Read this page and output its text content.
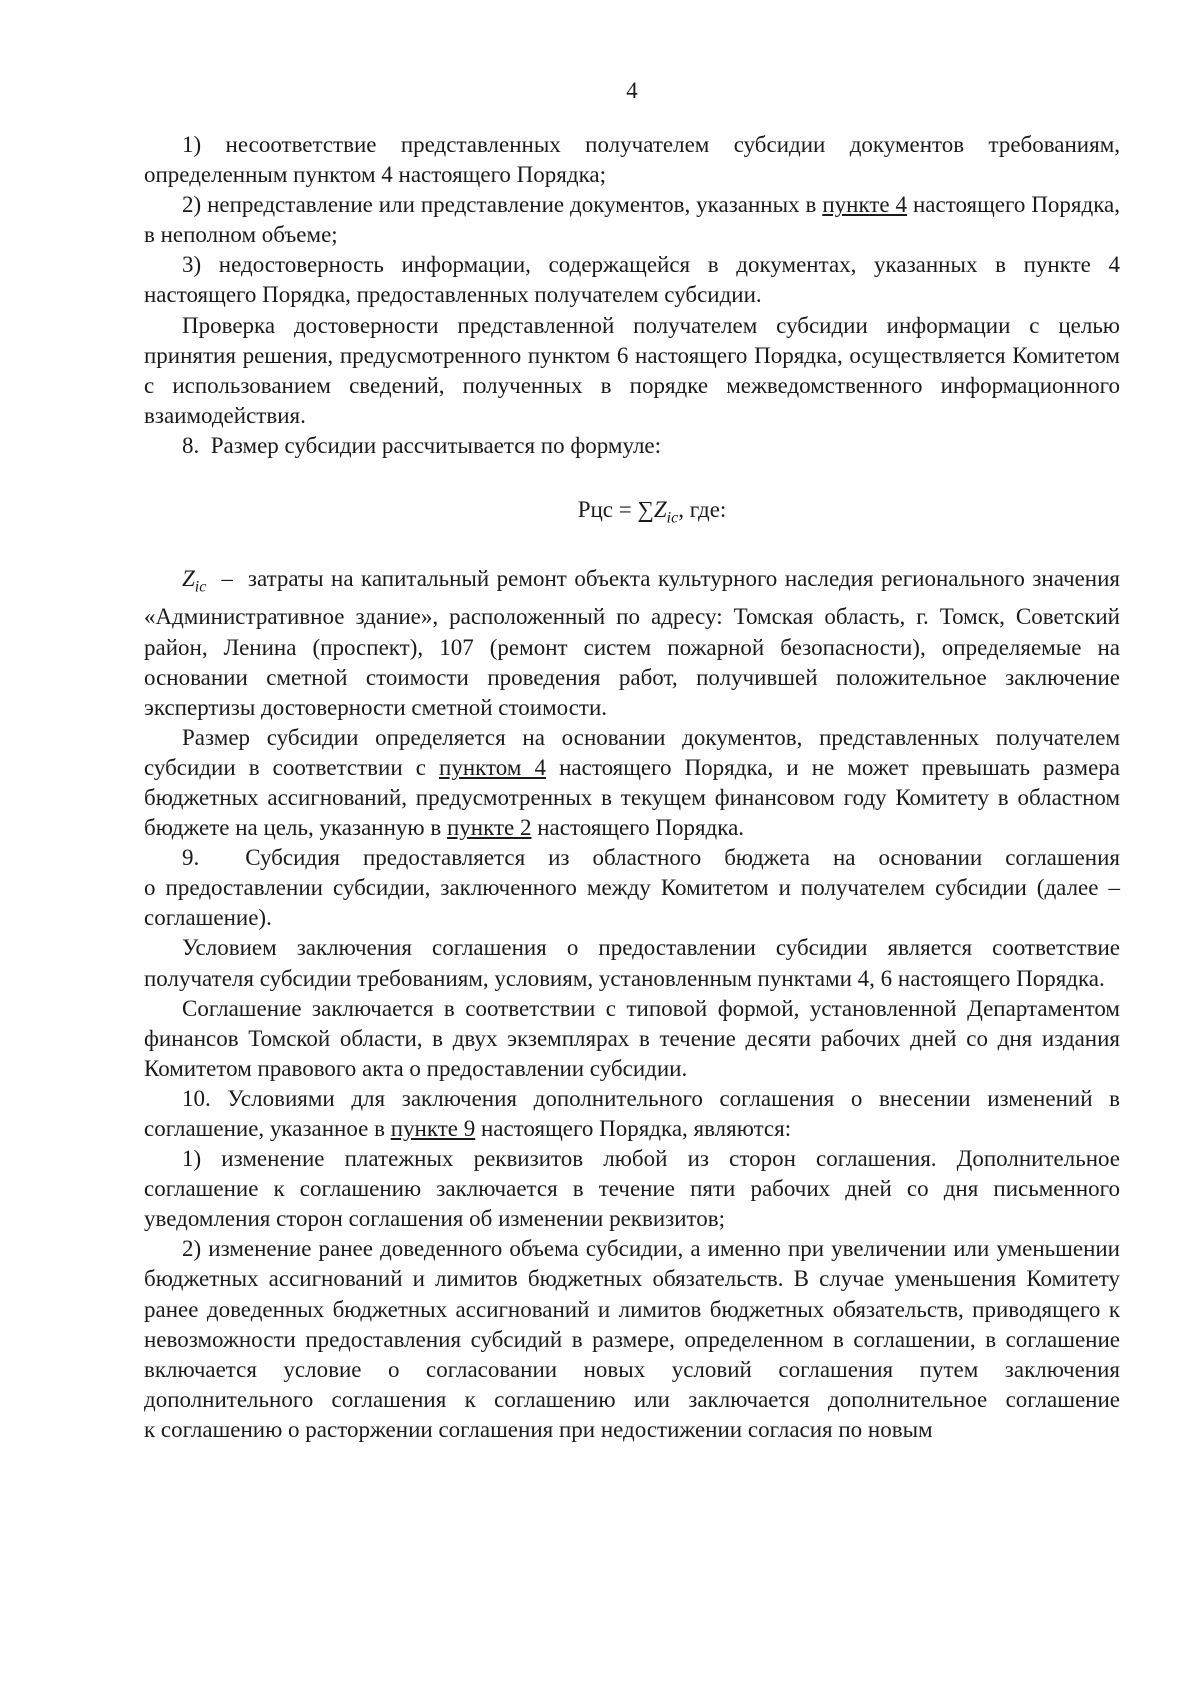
4

1) несоответствие представленных получателем субсидии документов требованиям, определенным пунктом 4 настоящего Порядка;

2) непредставление или представление документов, указанных в пункте 4 настоящего Порядка, в неполном объеме;

3) недостоверность информации, содержащейся в документах, указанных в пункте 4 настоящего Порядка, предоставленных получателем субсидии.

Проверка достоверности представленной получателем субсидии информации с целью принятия решения, предусмотренного пунктом 6 настоящего Порядка, осуществляется Комитетом с использованием сведений, полученных в порядке межведомственного информационного взаимодействия.

8.  Размер субсидии рассчитывается по формуле:

Рцс = $\sum Z_{ic}$, где:

$Z_{ic}$  –  затраты на капитальный ремонт объекта культурного наследия регионального значения «Административное здание», расположенный по адресу: Томская область, г. Томск, Советский район, Ленина (проспект), 107 (ремонт систем пожарной безопасности), определяемые на основании сметной стоимости проведения работ, получившей положительное заключение экспертизы достоверности сметной стоимости.

Размер субсидии определяется на основании документов, представленных получателем субсидии в соответствии с пунктом 4 настоящего Порядка, и не может превышать размера бюджетных ассигнований, предусмотренных в текущем финансовом году Комитету в областном бюджете на цель, указанную в пункте 2 настоящего Порядка.

9.  Субсидия предоставляется из областного бюджета на основании соглашения о предоставлении субсидии, заключенного между Комитетом и получателем субсидии (далее – соглашение).

Условием заключения соглашения о предоставлении субсидии является соответствие получателя субсидии требованиям, условиям, установленным пунктами 4, 6 настоящего Порядка.

Соглашение заключается в соответствии с типовой формой, установленной Департаментом финансов Томской области, в двух экземплярах в течение десяти рабочих дней со дня издания Комитетом правового акта о предоставлении субсидии.

10. Условиями для заключения дополнительного соглашения о внесении изменений в соглашение, указанное в пункте 9 настоящего Порядка, являются:

1) изменение платежных реквизитов любой из сторон соглашения. Дополнительное соглашение к соглашению заключается в течение пяти рабочих дней со дня письменного уведомления сторон соглашения об изменении реквизитов;

2) изменение ранее доведенного объема субсидии, а именно при увеличении или уменьшении бюджетных ассигнований и лимитов бюджетных обязательств. В случае уменьшения Комитету ранее доведенных бюджетных ассигнований и лимитов бюджетных обязательств, приводящего к невозможности предоставления субсидий в размере, определенном в соглашении, в соглашение включается условие о согласовании новых условий соглашения путем заключения дополнительного соглашения к соглашению или заключается дополнительное соглашение к соглашению о расторжении соглашения при недостижении согласия по новым
